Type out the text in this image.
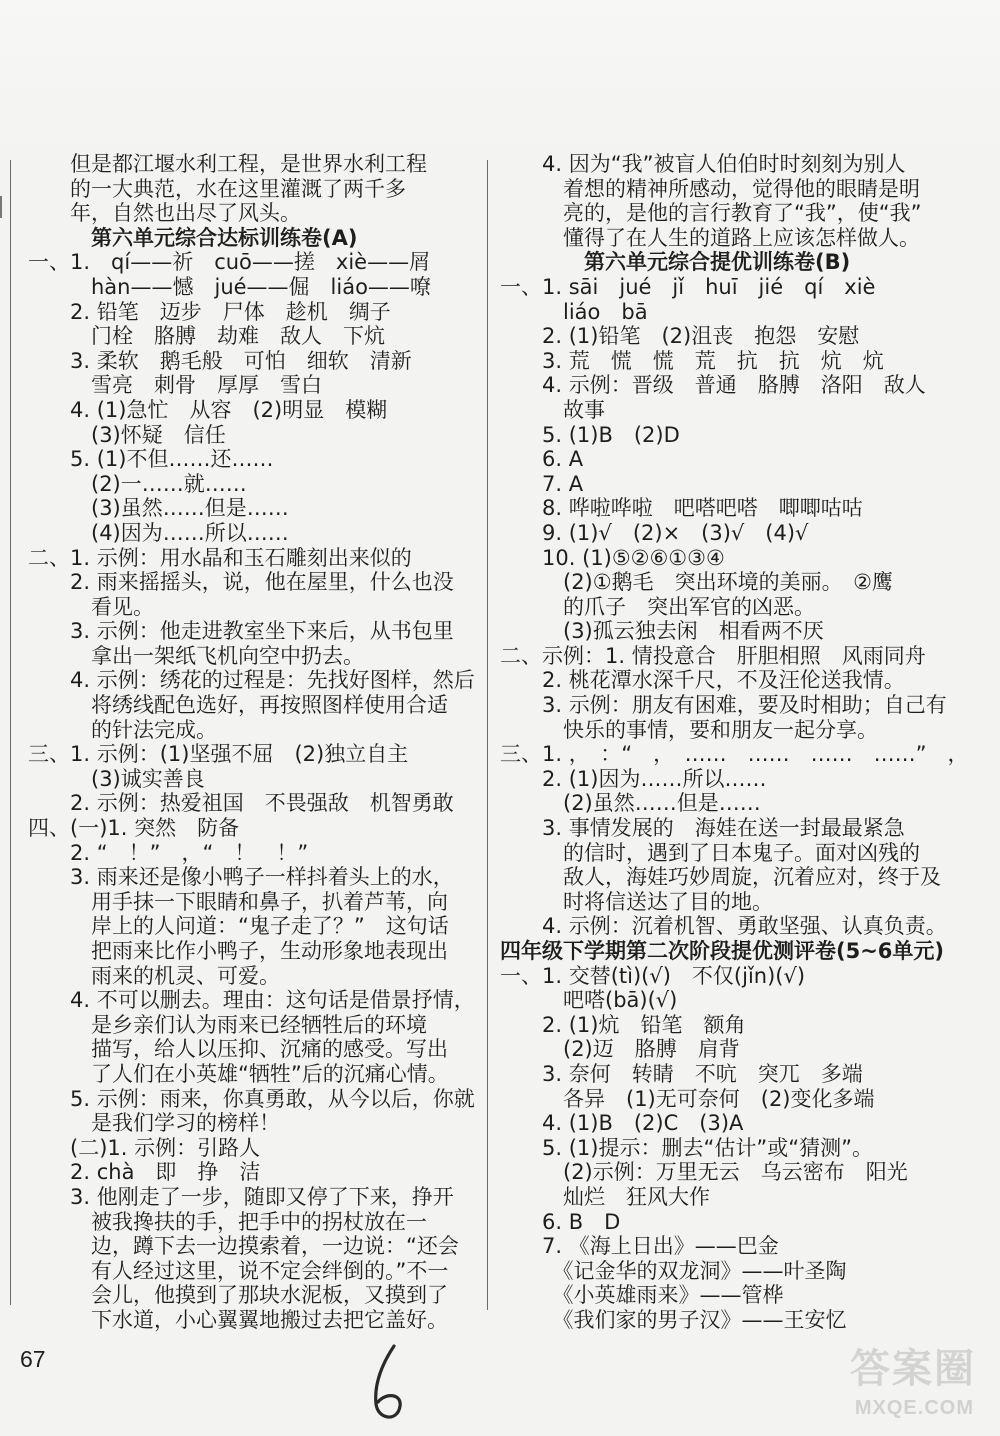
　　但是都江堰水利工程，是世界水利工程
　　的一大典范，水在这里灌溉了两千多
　　年，自然也出尽了风头。
　　　第六单元综合达标训练卷(A)
一、1.　qí——祈　cuō——搓　xiè——屑
　　　hàn——憾　jué——倔　liáo——嘹
　　2. 铅笔　迈步　尸体　趁机　绸子
　　　门栓　胳膊　劫难　敌人　下炕
　　3. 柔软　鹅毛般　可怕　细软　清新
　　　雪亮　刺骨　厚厚　雪白
　　4. (1)急忙　从容　(2)明显　模糊
　　　(3)怀疑　信任
　　5. (1)不但……还……
　　　(2)一……就……
　　　(3)虽然……但是……
　　　(4)因为……所以……
二、1. 示例：用水晶和玉石雕刻出来似的
　　2. 雨来摇摇头，说，他在屋里，什么也没
　　　看见。
　　3. 示例：他走进教室坐下来后，从书包里
　　　拿出一架纸飞机向空中扔去。
　　4. 示例：绣花的过程是：先找好图样，然后
　　　将绣线配色选好，再按照图样使用合适
　　　的针法完成。
三、1. 示例：(1)坚强不屈　(2)独立自主
　　　(3)诚实善良
　　2. 示例：热爱祖国　不畏强敌　机智勇敢
四、(一)1. 突然　防备
　　2. “　！”　，“　！　！”
　　3. 雨来还是像小鸭子一样抖着头上的水，
　　　用手抹一下眼睛和鼻子，扒着芦苇，向
　　　岸上的人问道：“鬼子走了？”　这句话
　　　把雨来比作小鸭子，生动形象地表现出
　　　雨来的机灵、可爱。
　　4. 不可以删去。理由：这句话是借景抒情，
　　　是乡亲们认为雨来已经牺牲后的环境
　　　描写，给人以压抑、沉痛的感受。写出
　　　了人们在小英雄“牺牲”后的沉痛心情。
　　5. 示例：雨来，你真勇敢，从今以后，你就
　　　是我们学习的榜样！
　　(二)1. 示例：引路人
　　2. chà　即　挣　洁
　　3. 他刚走了一步，随即又停了下来，挣开
　　　被我搀扶的手，把手中的拐杖放在一
　　　边，蹲下去一边摸索着，一边说：“还会
　　　有人经过这里，说不定会绊倒的。”不一
　　　会儿，他摸到了那块水泥板，又摸到了
　　　下水道，小心翼翼地搬过去把它盖好。
　　4. 因为“我”被盲人伯伯时时刻刻为别人
　　　着想的精神所感动，觉得他的眼睛是明
　　　亮的，是他的言行教育了“我”，使“我”
　　　懂得了在人生的道路上应该怎样做人。
　　　　第六单元综合提优训练卷(B)
一、1. sāi　jué　jǐ　huī　jié　qí　xiè
　　　liáo　bā
　　2. (1)铅笔　(2)沮丧　抱怨　安慰
　　3. 荒　慌　慌　荒　抗　抗　炕　炕
　　4. 示例：晋级　普通　胳膊　洛阳　敌人
　　　故事
　　5. (1)B　(2)D
　　6. A
　　7. A
　　8. 哗啦哗啦　吧嗒吧嗒　唧唧咕咕
　　9. (1)√　(2)×　(3)√　(4)√
　　10. (1)⑤②⑥①③④
　　　(2)①鹅毛　突出环境的美丽。　②鹰
　　　的爪子　突出军官的凶恶。
　　　(3)孤云独去闲　相看两不厌
二、示例：1. 情投意合　肝胆相照　风雨同舟
　　2. 桃花潭水深千尺，不及汪伦送我情。
　　3. 示例：朋友有困难，要及时相助；自己有
　　　快乐的事情，要和朋友一起分享。
三、1. ，　：“　，　……　……　……　……”　，
　　2. (1)因为……所以……
　　　(2)虽然……但是……
　　3. 事情发展的　海娃在送一封最最紧急
　　　的信时，遇到了日本鬼子。面对凶残的
　　　敌人，海娃巧妙周旋，沉着应对，终于及
　　　时将信送达了目的地。
　　4. 示例：沉着机智、勇敢坚强、认真负责。
四年级下学期第二次阶段提优测评卷(5~6单元)
一、1. 交替(tì)(√)　不仅(jǐn)(√)
　　　吧嗒(bā)(√)
　　2. (1)炕　铅笔　额角
　　　(2)迈　胳膊　肩背
　　3. 奈何　转睛　不吭　突兀　多端
　　　各异　(1)无可奈何　(2)变化多端
　　4. (1)B　(2)C　(3)A
　　5. (1)提示：删去“估计”或“猜测”。
　　　(2)示例：万里无云　乌云密布　阳光
　　　灿烂　狂风大作
　　6. B　D
　　7. 《海上日出》——巴金
　　　《记金华的双龙洞》——叶圣陶
　　　《小英雄雨来》——管桦
　　　《我们家的男子汉》——王安忆
67	答案圈
MXQE.COM
